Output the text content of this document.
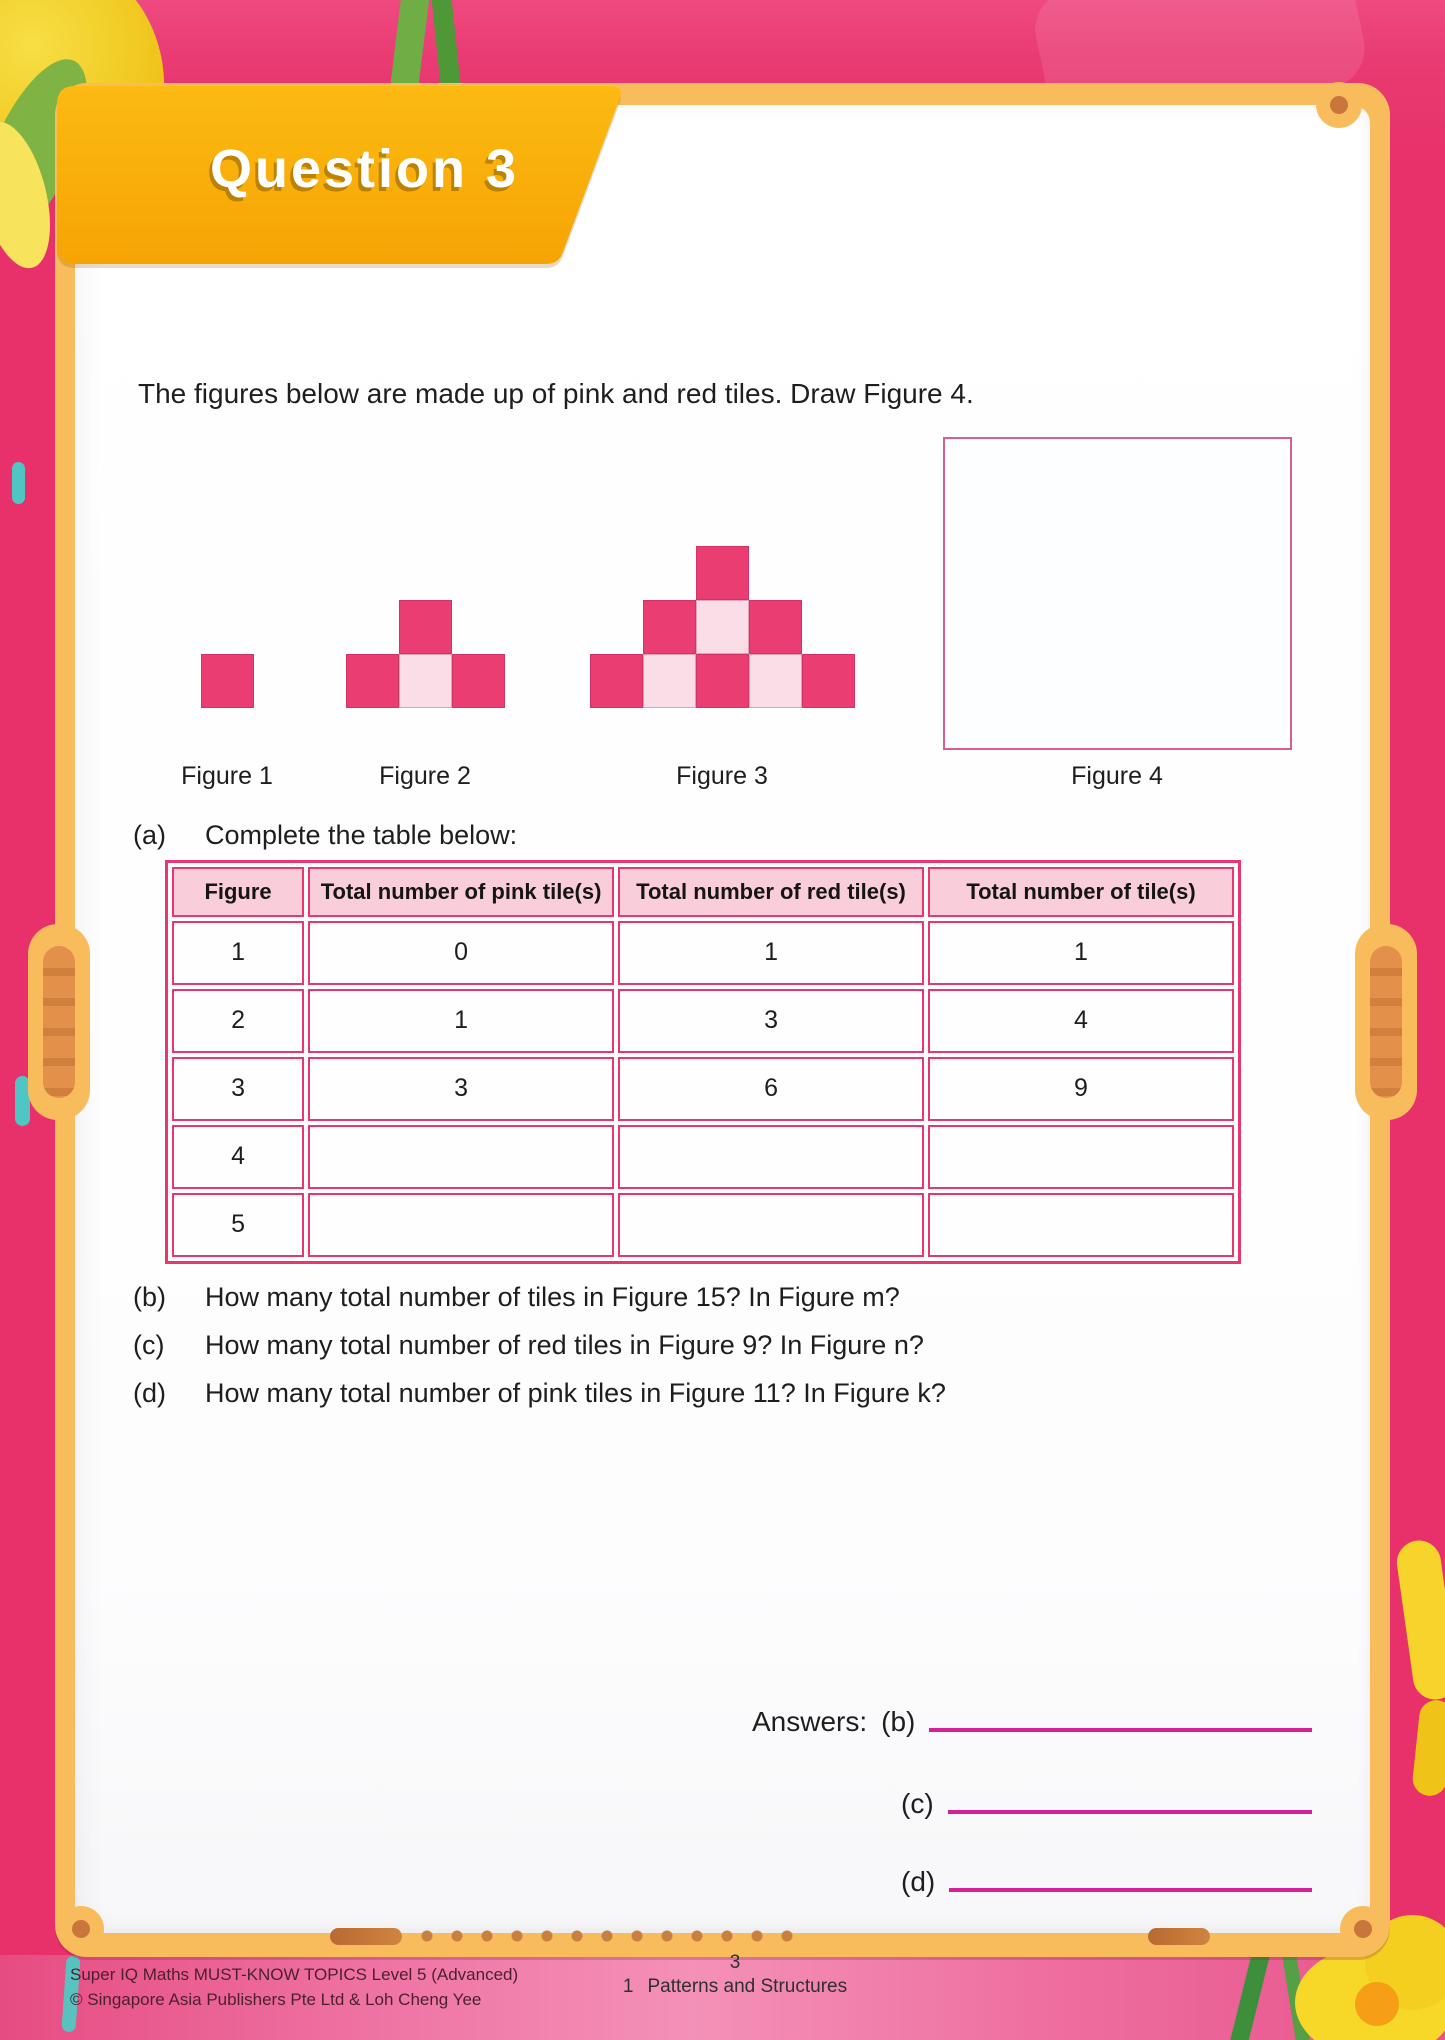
Question 3
The figures below are made up of pink and red tiles. Draw Figure 4.
Figure 1	Figure 2	Figure 3	Figure 4
(a)	Complete the table below:
Figure	Total number of pink tile(s)	Total number of red tile(s)	Total number of tile(s)
1	0	1	1
2	1	3	4
3	3	6	9
4			
5			
(b)	How many total number of tiles in Figure 15? In Figure m?
(c)	How many total number of red tiles in Figure 9? In Figure n?
(d)	How many total number of pink tiles in Figure 11? In Figure k?
Answers: (b)
(c)
(d)
Super IQ Maths MUST-KNOW TOPICS Level 5 (Advanced)
© Singapore Asia Publishers Pte Ltd & Loh Cheng Yee
3
1 Patterns and Structures
